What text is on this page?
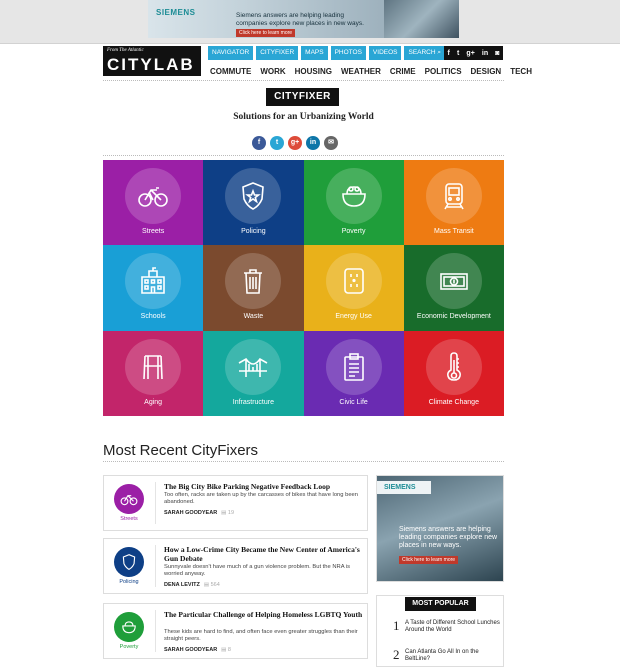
SIEMENS	Siemens answers are helping leading companies explore new places in new ways.
Click here to learn more
From The Atlantic
CITYLAB
NAVIGATOR	CITYFIXER	MAPS	PHOTOS	VIDEOS	SEARCH ⌕ f t g+ in ◙
COMMUTE WORK HOUSING WEATHER CRIME POLITICS DESIGN TECH
CITYFIXER
Solutions for an Urbanizing World
f	t	g+	in	✉
Streets	Policing	Poverty	Mass Transit
Schools	Waste	Energy Use	Economic Development
Aging	Infrastructure	Civic Life	Climate Change
Most Recent CityFixers
Streets
The Big City Bike Parking Negative Feedback Loop
Too often, racks are taken up by the carcasses of bikes that have long been abandoned.
SARAH GOODYEAR ▤ 19
Policing
How a Low-Crime City Became the New Center of America's Gun Debate
Sunnyvale doesn't have much of a gun violence problem. But the NRA is worried anyway.
DENA LEVITZ ▤ 564
Poverty
The Particular Challenge of Helping Homeless LGBTQ Youth
These kids are hard to find, and often face even greater struggles than their straight peers.
SARAH GOODYEAR ▤ 8
SIEMENS
Siemens answers are helping leading companies explore new places in new ways.
Click here to learn more
MOST POPULAR
1 A Taste of Different School Lunches Around the World
2 Can Atlanta Go All In on the BeltLine?
